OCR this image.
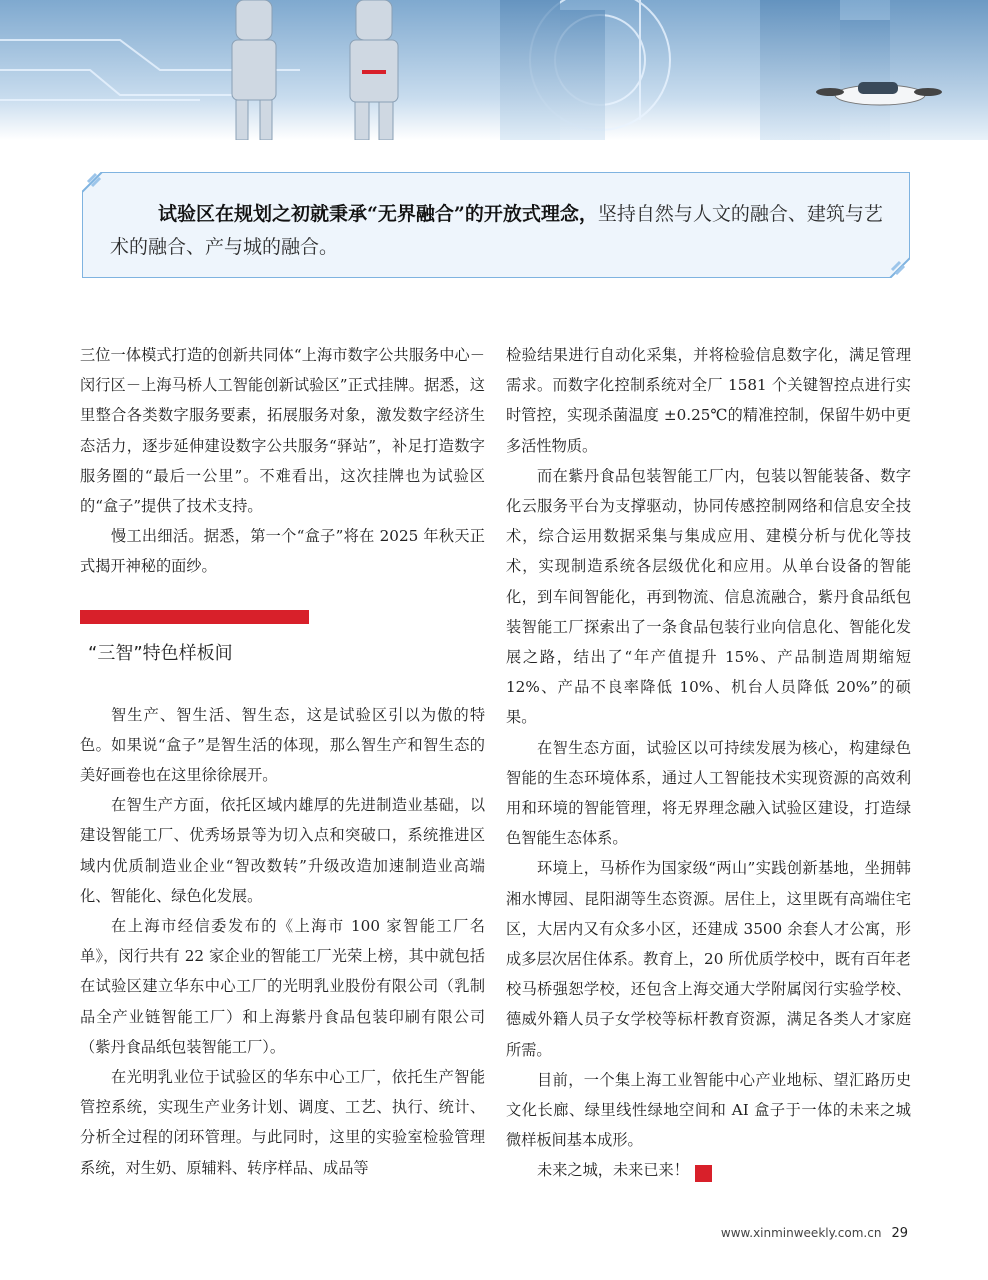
试验区在规划之初就秉承“无界融合”的开放式理念，坚持自然与人文的融合、建筑与艺术的融合、产与城的融合。

三位一体模式打造的创新共同体“上海市数字公共服务中心－闵行区－上海马桥人工智能创新试验区”正式挂牌。据悉，这里整合各类数字服务要素，拓展服务对象，激发数字经济生态活力，逐步延伸建设数字公共服务“驿站”，补足打造数字服务圈的“最后一公里”。不难看出，这次挂牌也为试验区的“盒子”提供了技术支持。

慢工出细活。据悉，第一个“盒子”将在 2025 年秋天正式揭开神秘的面纱。

“三智”特色样板间

智生产、智生活、智生态，这是试验区引以为傲的特色。如果说“盒子”是智生活的体现，那么智生产和智生态的美好画卷也在这里徐徐展开。

在智生产方面，依托区域内雄厚的先进制造业基础，以建设智能工厂、优秀场景等为切入点和突破口，系统推进区域内优质制造业企业“智改数转”升级改造加速制造业高端化、智能化、绿色化发展。

在上海市经信委发布的《上海市 100 家智能工厂名单》，闵行共有 22 家企业的智能工厂光荣上榜，其中就包括在试验区建立华东中心工厂的光明乳业股份有限公司（乳制品全产业链智能工厂）和上海紫丹食品包装印刷有限公司（紫丹食品纸包装智能工厂）。

在光明乳业位于试验区的华东中心工厂，依托生产智能管控系统，实现生产业务计划、调度、工艺、执行、统计、分析全过程的闭环管理。与此同时，这里的实验室检验管理系统，对生奶、原辅料、转序样品、成品等

检验结果进行自动化采集，并将检验信息数字化，满足管理需求。而数字化控制系统对全厂 1581 个关键智控点进行实时管控，实现杀菌温度 ±0.25℃的精准控制，保留牛奶中更多活性物质。

而在紫丹食品包装智能工厂内，包装以智能装备、数字化云服务平台为支撑驱动，协同传感控制网络和信息安全技术，综合运用数据采集与集成应用、建模分析与优化等技术，实现制造系统各层级优化和应用。从单台设备的智能化，到车间智能化，再到物流、信息流融合，紫丹食品纸包装智能工厂探索出了一条食品包装行业向信息化、智能化发展之路，结出了“年产值提升 15%、产品制造周期缩短 12%、产品不良率降低 10%、机台人员降低 20%”的硕果。

在智生态方面，试验区以可持续发展为核心，构建绿色智能的生态环境体系，通过人工智能技术实现资源的高效利用和环境的智能管理，将无界理念融入试验区建设，打造绿色智能生态体系。

环境上，马桥作为国家级“两山”实践创新基地，坐拥韩湘水博园、昆阳湖等生态资源。居住上，这里既有高端住宅区，大居内又有众多小区，还建成 3500 余套人才公寓，形成多层次居住体系。教育上，20 所优质学校中，既有百年老校马桥强恕学校，还包含上海交通大学附属闵行实验学校、德威外籍人员子女学校等标杆教育资源，满足各类人才家庭所需。

目前，一个集上海工业智能中心产业地标、望汇路历史文化长廊、绿里线性绿地空间和 AI 盒子于一体的未来之城微样板间基本成形。

未来之城，未来已来！	民

www.xinminweekly.com.cn 29
